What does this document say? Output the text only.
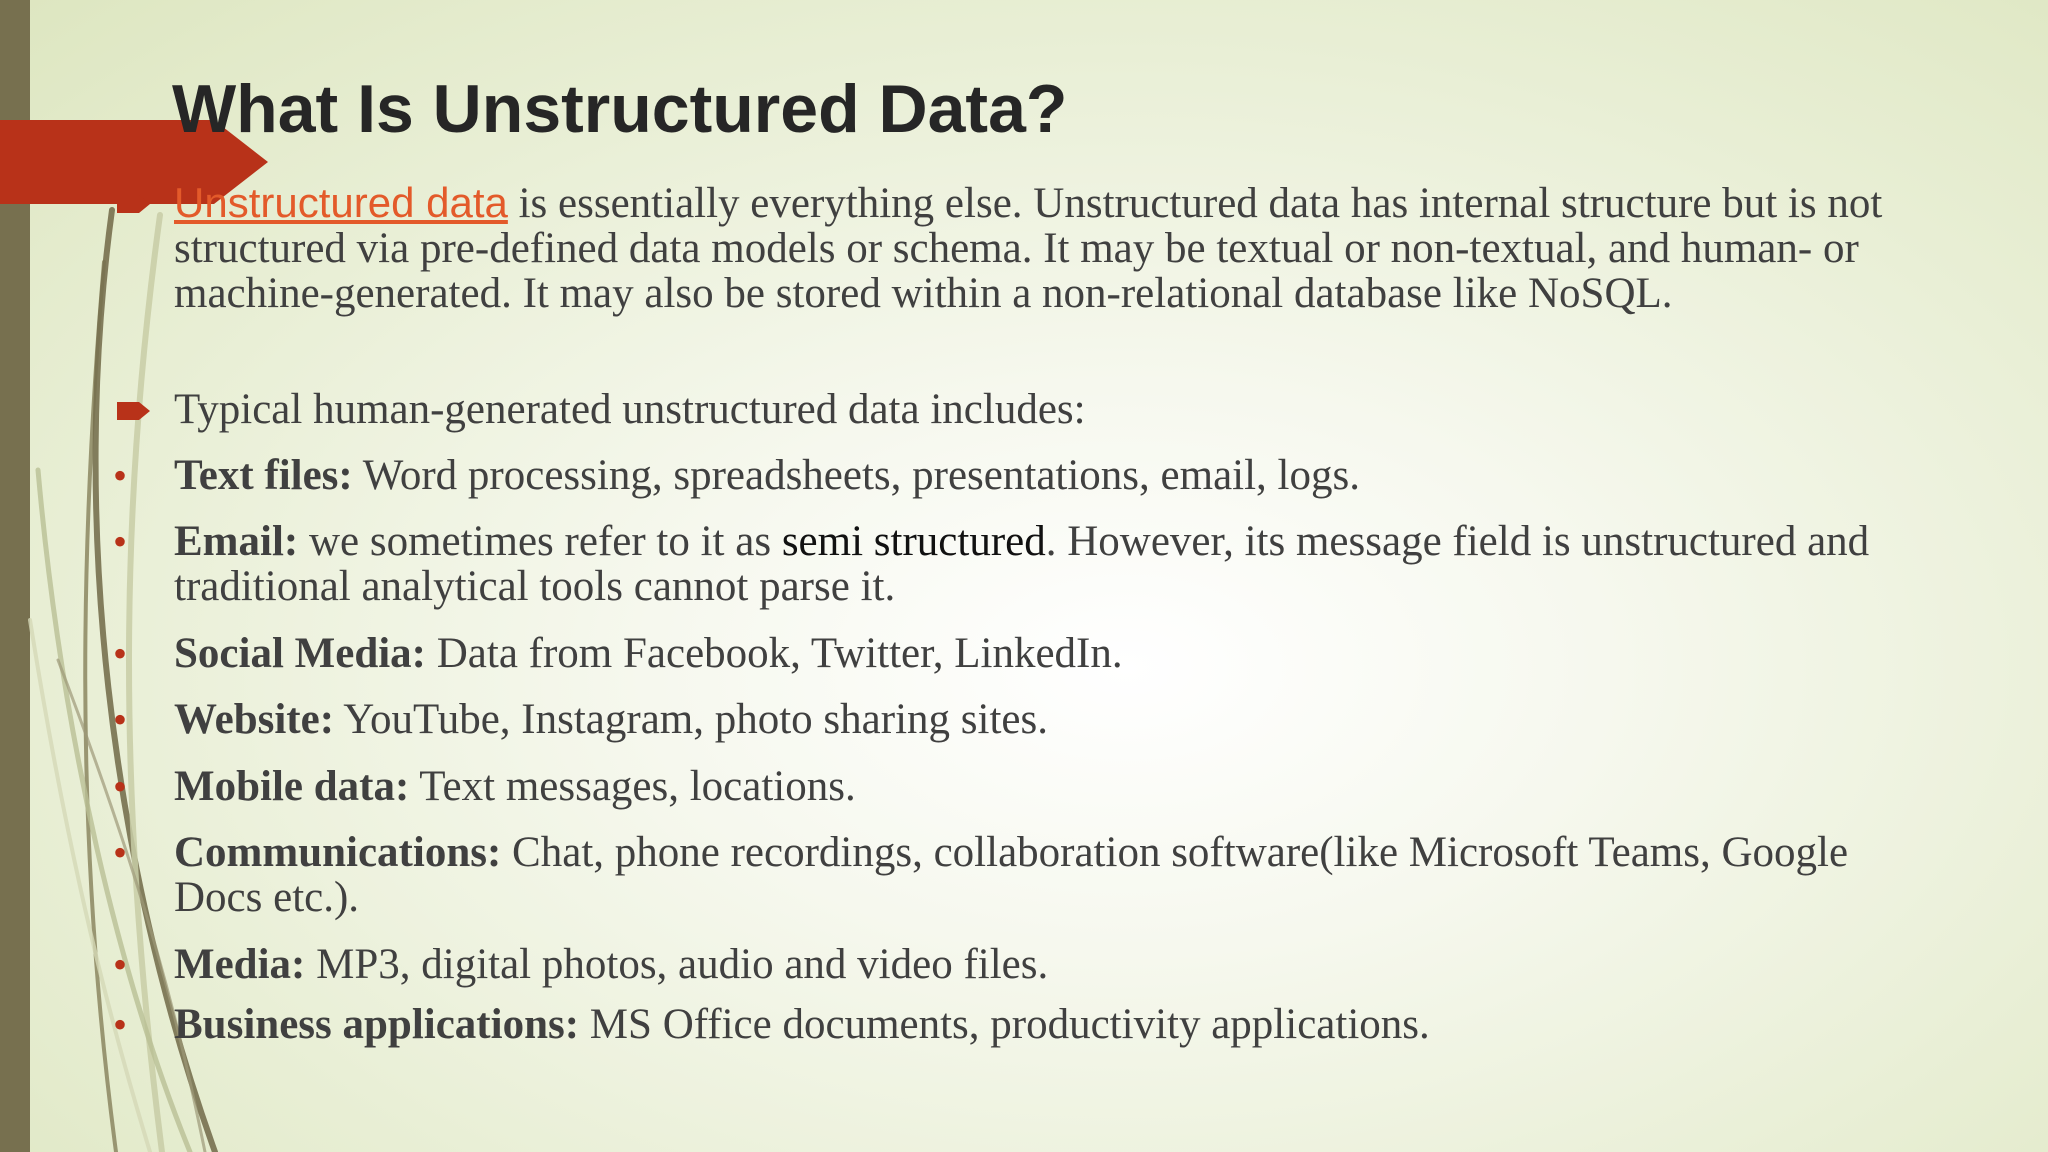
What Is Unstructured Data?
Unstructured data is essentially everything else. Unstructured data has internal structure but is not structured via pre-defined data models or schema. It may be textual or non-textual, and human- or machine-generated. It may also be stored within a non-relational database like NoSQL.
Typical human-generated unstructured data includes:
• Text files: Word processing, spreadsheets, presentations, email, logs.
• Email: we sometimes refer to it as semi structured. However, its message field is unstructured and traditional analytical tools cannot parse it.
• Social Media: Data from Facebook, Twitter, LinkedIn.
• Website: YouTube, Instagram, photo sharing sites.
• Mobile data: Text messages, locations.
• Communications: Chat, phone recordings, collaboration software(like Microsoft Teams, Google Docs etc.).
• Media: MP3, digital photos, audio and video files.
• Business applications: MS Office documents, productivity applications.
